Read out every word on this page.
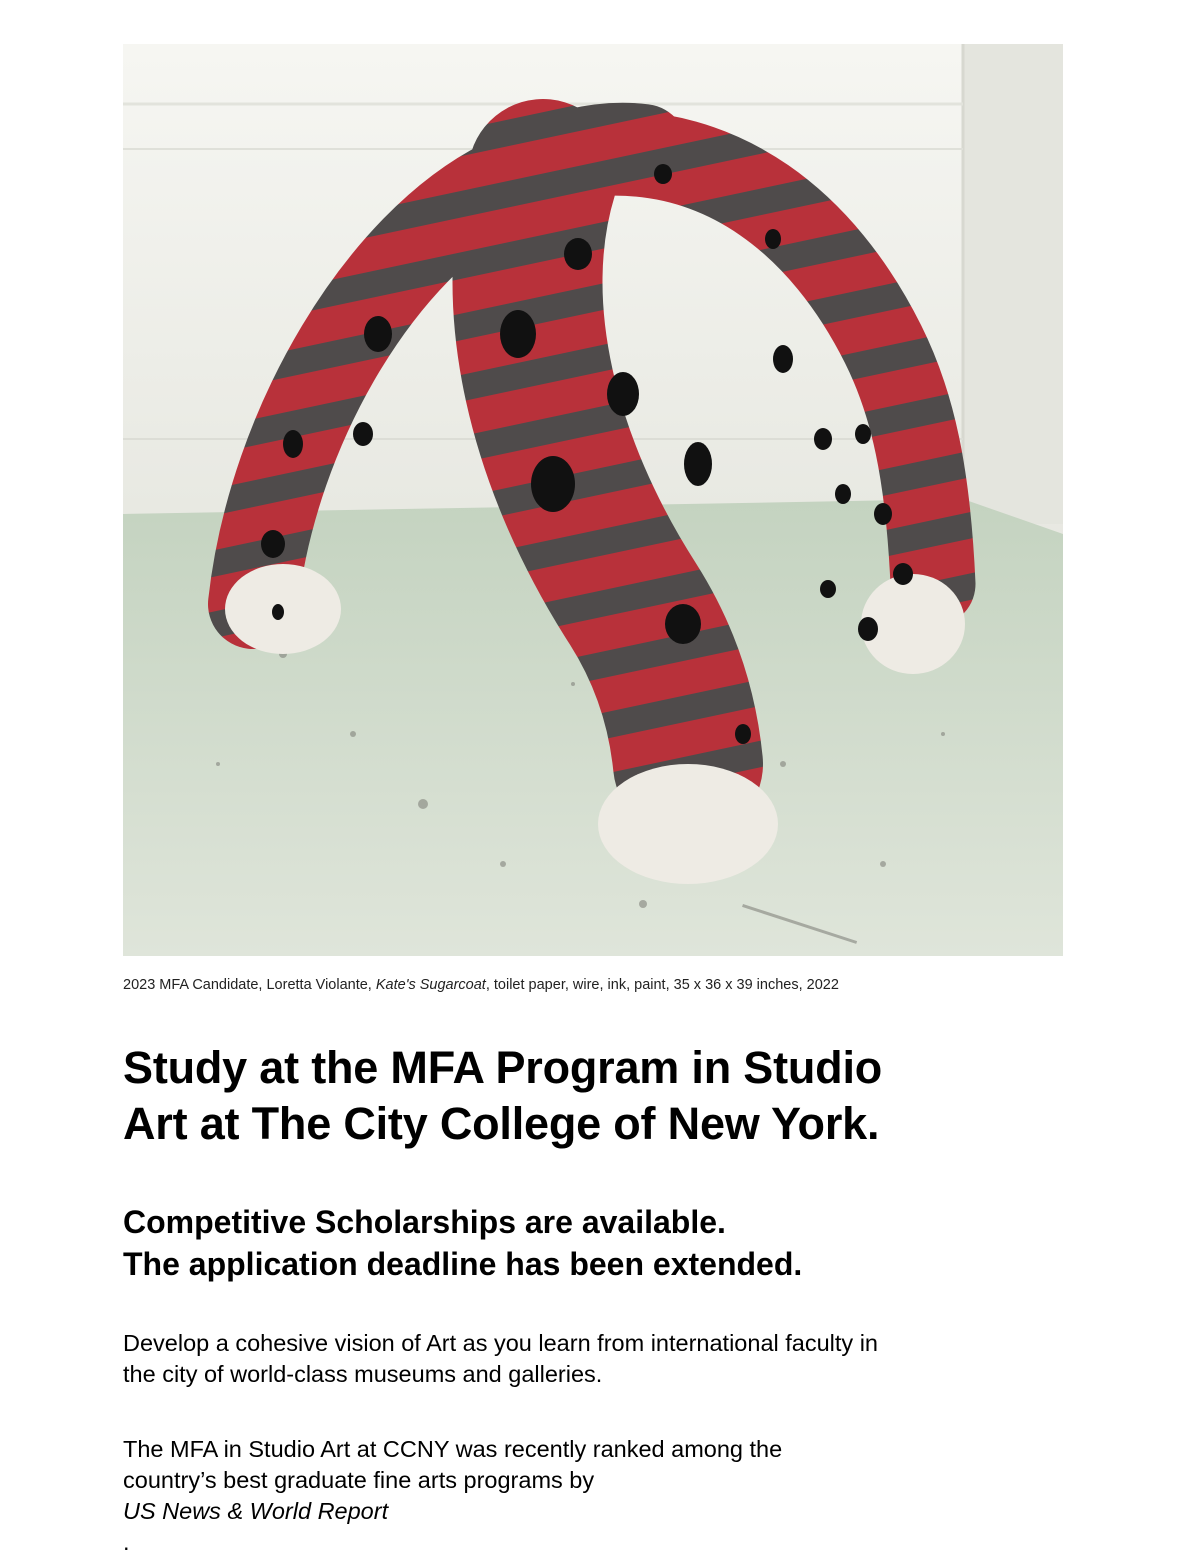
2023 MFA Candidate, Loretta Violante, Kate's Sugarcoat, toilet paper, wire, ink, paint, 35 x 36 x 39 inches, 2022
Study at the MFA Program in Studio
Art at The City College of New York.
Competitive Scholarships are available.
The application deadline has been extended.

Develop a cohesive vision of Art as you learn from international faculty in
the city of world-class museums and galleries.

The MFA in Studio Art at CCNY was recently ranked among the
country’s best graduate fine arts programs by
US News & World Report
.
